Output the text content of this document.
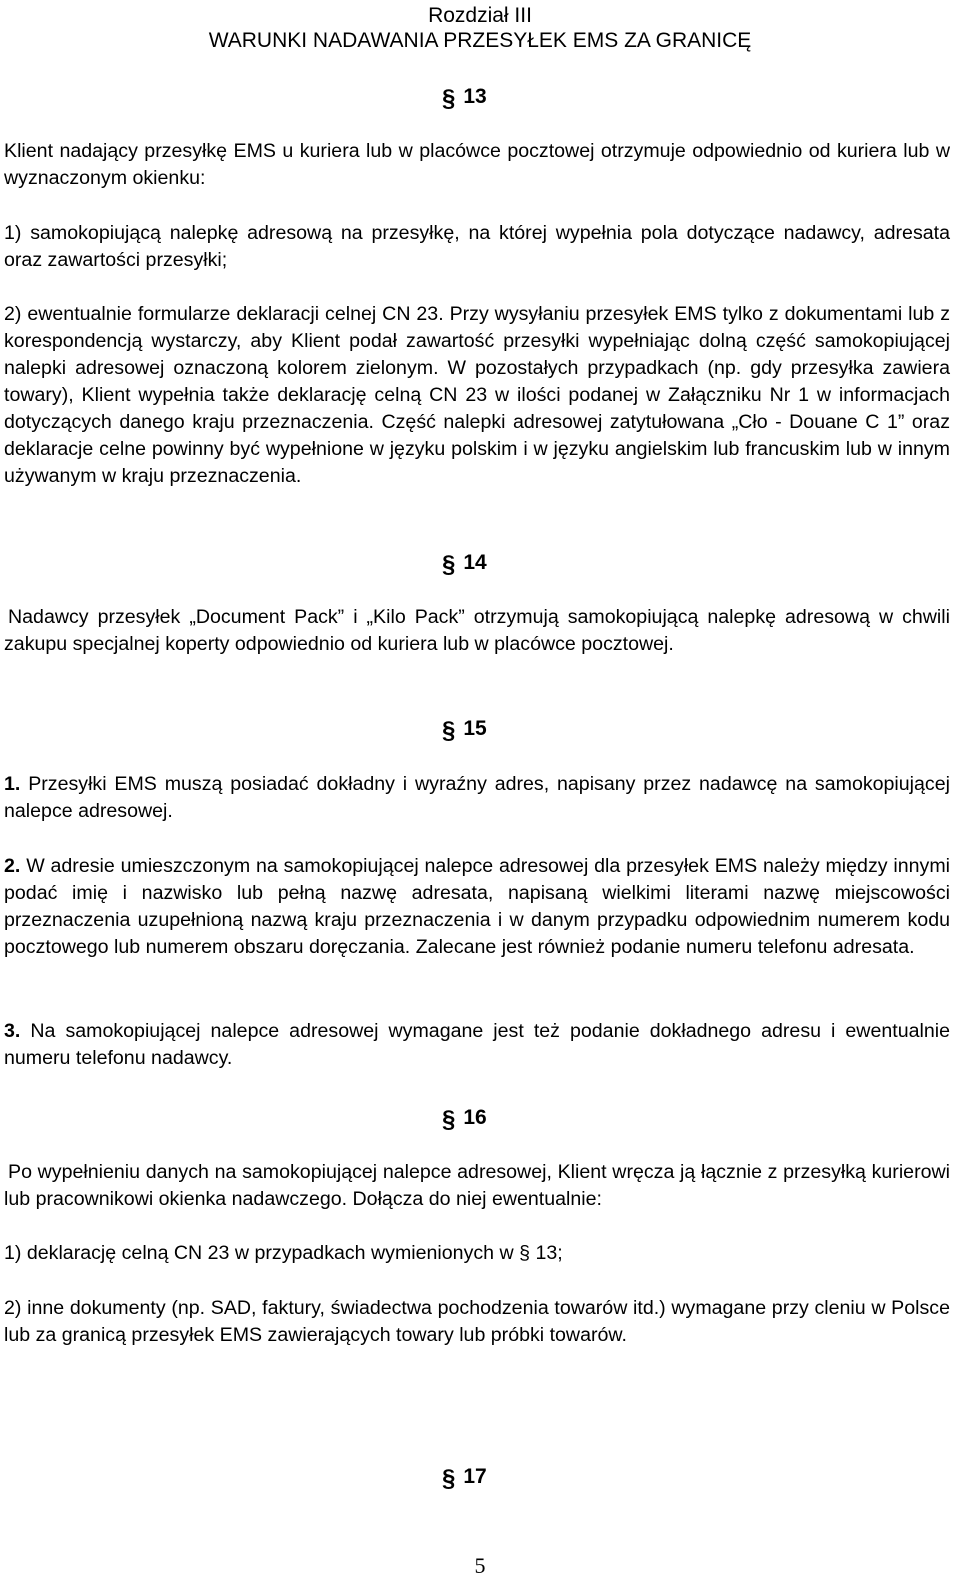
Rozdział III
WARUNKI NADAWANIA PRZESYŁEK EMS ZA GRANICĘ
§ 13
Klient nadający przesyłkę EMS u kuriera lub w placówce pocztowej otrzymuje odpowiednio od kuriera lub w wyznaczonym okienku:
1) samokopiującą nalepkę adresową na przesyłkę, na której wypełnia pola dotyczące nadawcy, adresata oraz zawartości przesyłki;
2) ewentualnie formularze deklaracji celnej CN 23. Przy wysyłaniu przesyłek EMS tylko z dokumentami lub z korespondencją wystarczy, aby Klient podał zawartość przesyłki wypełniając dolną część samokopiującej nalepki adresowej oznaczoną kolorem zielonym. W pozostałych przypadkach (np. gdy przesyłka zawiera towary), Klient wypełnia także deklarację celną CN 23 w ilości podanej w Załączniku Nr 1 w informacjach dotyczących danego kraju przeznaczenia. Część nalepki adresowej zatytułowana „Cło - Douane C 1” oraz deklaracje celne powinny być wypełnione w języku polskim i w języku angielskim lub francuskim lub w innym używanym w kraju przeznaczenia.
§ 14
Nadawcy przesyłek „Document Pack” i „Kilo Pack” otrzymują samokopiującą nalepkę adresową w chwili zakupu specjalnej koperty odpowiednio od kuriera lub w placówce pocztowej.
§ 15
1. Przesyłki EMS muszą posiadać dokładny i wyraźny adres, napisany przez nadawcę na samokopiującej nalepce adresowej.
2. W adresie umieszczonym na samokopiującej nalepce adresowej dla przesyłek EMS należy między innymi podać imię i nazwisko lub pełną nazwę adresata, napisaną wielkimi literami nazwę miejscowości przeznaczenia uzupełnioną nazwą kraju przeznaczenia i w danym przypadku odpowiednim numerem kodu pocztowego lub numerem obszaru doręczania. Zalecane jest również podanie numeru telefonu adresata.
3. Na samokopiującej nalepce adresowej wymagane jest też podanie dokładnego adresu i ewentualnie numeru telefonu nadawcy.
§ 16
Po wypełnieniu danych na samokopiującej nalepce adresowej, Klient wręcza ją łącznie z przesyłką kurierowi lub pracownikowi okienka nadawczego. Dołącza do niej ewentualnie:
1) deklarację celną CN 23 w przypadkach wymienionych w § 13;
2) inne dokumenty (np. SAD, faktury, świadectwa pochodzenia towarów itd.) wymagane przy cleniu w Polsce lub za granicą przesyłek EMS zawierających towary lub próbki towarów.
§ 17
5
